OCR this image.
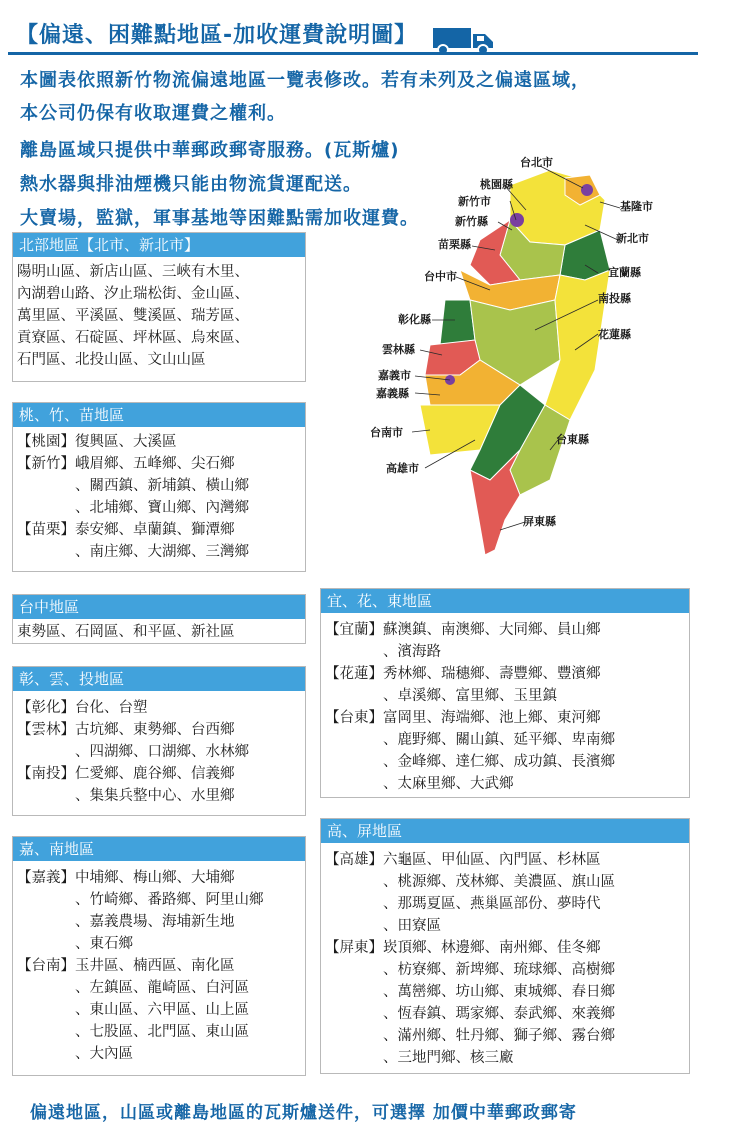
【偏遠、困難點地區-加收運費說明圖】
本圖表依照新竹物流偏遠地區一覽表修改。若有未列及之偏遠區域，
本公司仍保有收取運費之權利。
離島區域只提供中華郵政郵寄服務。(瓦斯爐)
熱水器與排油煙機只能由物流貨運配送。
大賣場，監獄，軍事基地等困難點需加收運費。
台北市
桃園縣
新竹市
新竹縣
基隆市
苗栗縣	新北市
台中市	宜蘭縣
南投縣
彰化縣
花蓮縣
雲林縣
嘉義市
嘉義縣
台南市
台東縣
高雄市
屏東縣
北部地區【北市、新北市】
陽明山區、新店山區、三峽有木里、
內湖碧山路、汐止瑞松街、金山區、
萬里區、平溪區、雙溪區、瑞芳區、
貢寮區、石碇區、坪林區、烏來區、
石門區、北投山區、文山山區
桃、竹、苗地區
【桃園】 復興區、大溪區
【新竹】 峨眉鄉、五峰鄉、尖石鄉
、關西鎮、新埔鎮、橫山鄉
、北埔鄉、寶山鄉、內灣鄉
【苗栗】 泰安鄉、卓蘭鎮、獅潭鄉
、南庄鄉、大湖鄉、三灣鄉
台中地區
東勢區、石岡區、和平區、新社區
彰、雲、投地區
【彰化】 台化、台塑
【雲林】 古坑鄉、東勢鄉、台西鄉
、四湖鄉、口湖鄉、水林鄉
【南投】 仁愛鄉、鹿谷鄉、信義鄉
、集集兵整中心、水里鄉
嘉、南地區
【嘉義】 中埔鄉、梅山鄉、大埔鄉
、竹崎鄉、番路鄉、阿里山鄉
、嘉義農場、海埔新生地
、東石鄉
【台南】 玉井區、楠西區、南化區
、左鎮區、龍崎區、白河區
、東山區、六甲區、山上區
、七股區、北門區、東山區
、大內區
宜、花、東地區
【宜蘭】 蘇澳鎮、南澳鄉、大同鄉、員山鄉
、濱海路
【花蓮】 秀林鄉、瑞穗鄉、壽豐鄉、豐濱鄉
、卓溪鄉、富里鄉、玉里鎮
【台東】 富岡里、海端鄉、池上鄉、東河鄉
、鹿野鄉、關山鎮、延平鄉、卑南鄉
、金峰鄉、達仁鄉、成功鎮、長濱鄉
、太麻里鄉、大武鄉
高、屏地區
【高雄】 六龜區、甲仙區、內門區、杉林區
、桃源鄉、茂林鄉、美濃區、旗山區
、那瑪夏區、燕巢區部份、夢時代
、田寮區
【屏東】 崁頂鄉、林邊鄉、南州鄉、佳冬鄉
、枋寮鄉、新埤鄉、琉球鄉、高樹鄉
、萬巒鄉、坊山鄉、東城鄉、春日鄉
、恆春鎮、瑪家鄉、泰武鄉、來義鄉
、滿州鄉、牡丹鄉、獅子鄉、霧台鄉
、三地門鄉、核三廠
偏遠地區，山區或離島地區的瓦斯爐送件，可選擇 加價中華郵政郵寄
